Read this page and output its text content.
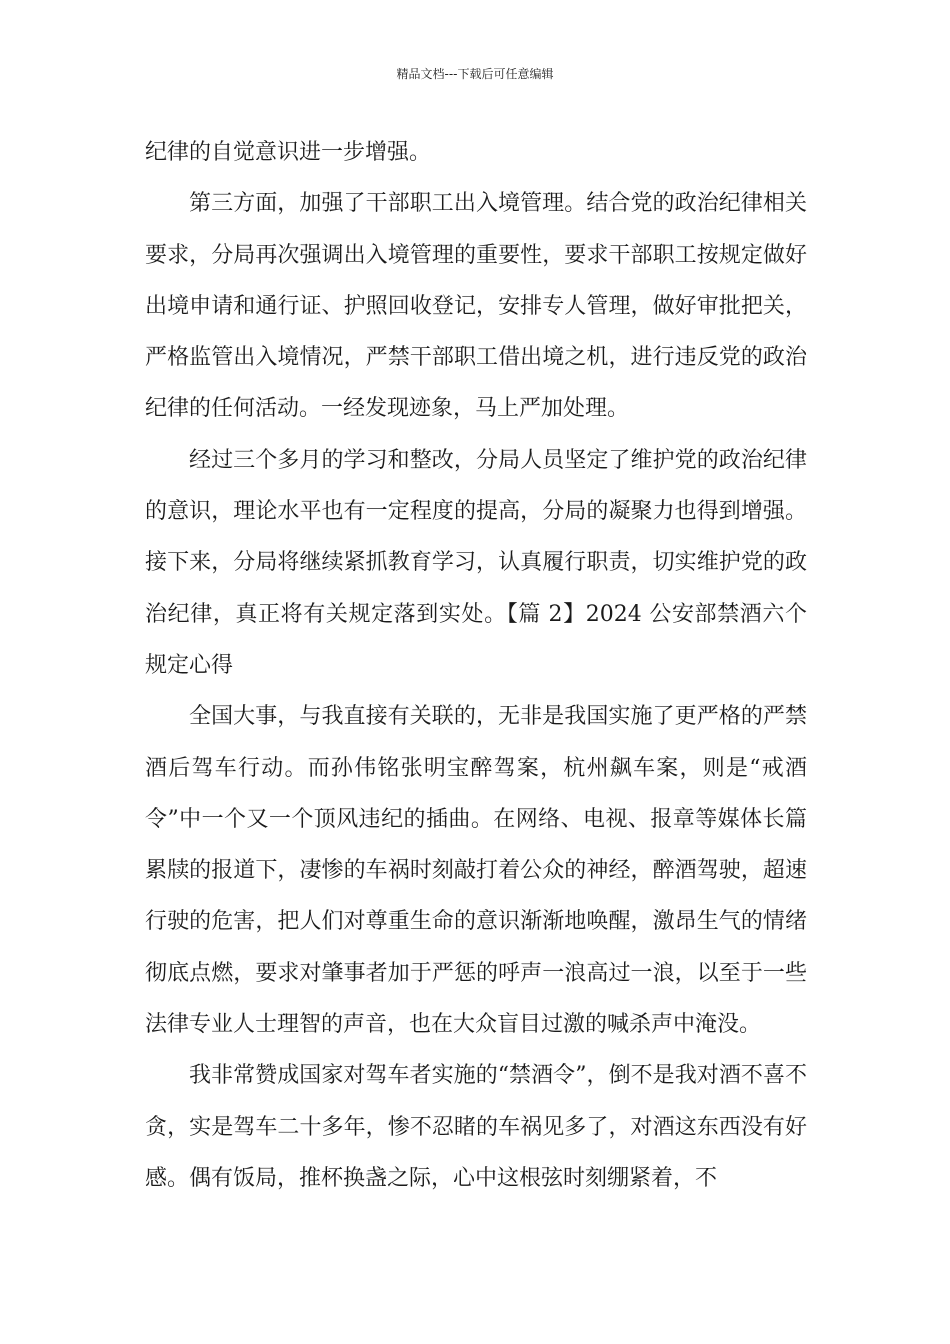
精品文档---下载后可任意编辑

纪律的自觉意识进一步增强。

第三方面，加强了干部职工出入境管理。结合党的政治纪律相关要求，分局再次强调出入境管理的重要性，要求干部职工按规定做好出境申请和通行证、护照回收登记，安排专人管理，做好审批把关，严格监管出入境情况，严禁干部职工借出境之机，进行违反党的政治纪律的任何活动。一经发现迹象，马上严加处理。

经过三个多月的学习和整改，分局人员坚定了维护党的政治纪律的意识，理论水平也有一定程度的提高，分局的凝聚力也得到增强。接下来，分局将继续紧抓教育学习，认真履行职责，切实维护党的政治纪律，真正将有关规定落到实处。【篇 2】2024 公安部禁酒六个规定心得

全国大事，与我直接有关联的，无非是我国实施了更严格的严禁酒后驾车行动。而孙伟铭张明宝醉驾案，杭州飙车案，则是“戒酒令”中一个又一个顶风违纪的插曲。在网络、电视、报章等媒体长篇累牍的报道下，凄惨的车祸时刻敲打着公众的神经，醉酒驾驶，超速行驶的危害，把人们对尊重生命的意识渐渐地唤醒，激昂生气的情绪彻底点燃，要求对肇事者加于严惩的呼声一浪高过一浪，以至于一些法律专业人士理智的声音，也在大众盲目过激的喊杀声中淹没。

我非常赞成国家对驾车者实施的“禁酒令”，倒不是我对酒不喜不贪，实是驾车二十多年，惨不忍睹的车祸见多了，对酒这东西没有好感。偶有饭局，推杯换盏之际，心中这根弦时刻绷紧着，不
